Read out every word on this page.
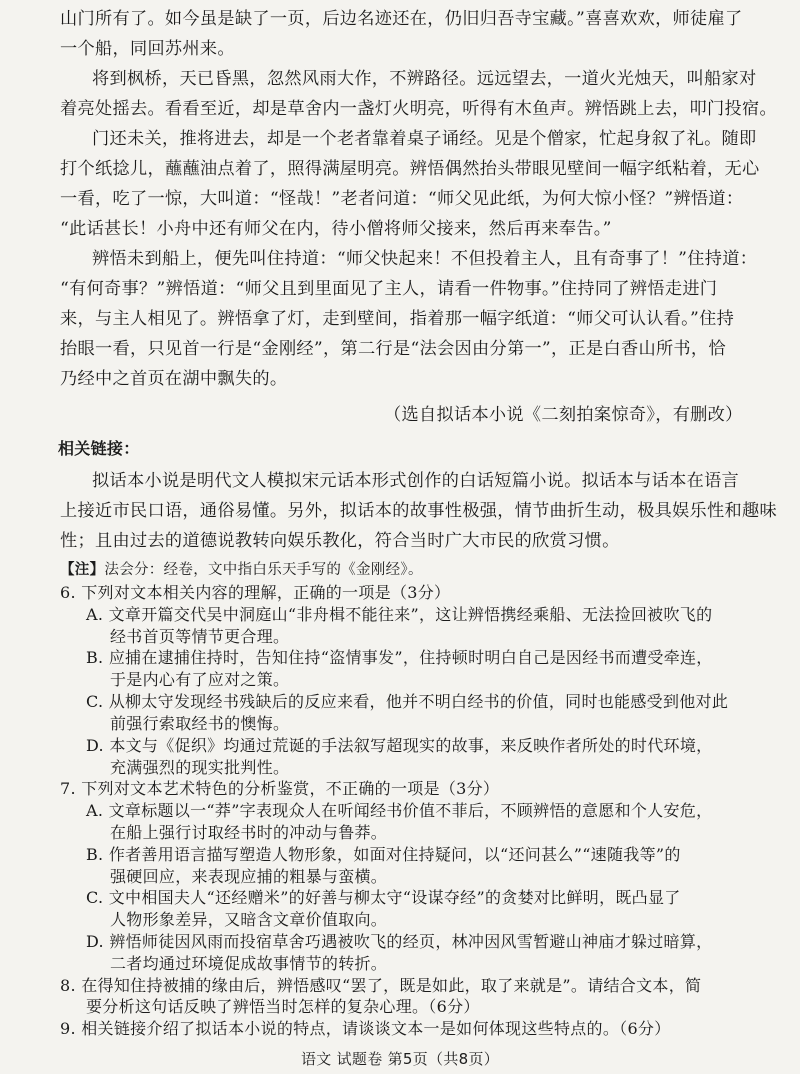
山门所有了。如今虽是缺了一页，后边名迹还在，仍旧归吾寺宝藏。”喜喜欢欢，师徒雇了
一个船，同回苏州来。
将到枫桥，天已昏黑，忽然风雨大作，不辨路径。远远望去，一道火光烛天，叫船家对
着亮处摇去。看看至近，却是草舍内一盏灯火明亮，听得有木鱼声。辨悟跳上去，叩门投宿。
门还未关，推将进去，却是一个老者靠着桌子诵经。见是个僧家，忙起身叙了礼。随即
打个纸捻儿，蘸蘸油点着了，照得满屋明亮。辨悟偶然抬头带眼见壁间一幅字纸粘着，无心
一看，吃了一惊，大叫道：“怪哉！”老者问道：“师父见此纸，为何大惊小怪？”辨悟道：
“此话甚长！小舟中还有师父在内，待小僧将师父接来，然后再来奉告。”
辨悟未到船上，便先叫住持道：“师父快起来！不但投着主人，且有奇事了！”住持道：
“有何奇事？”辨悟道：“师父且到里面见了主人，请看一件物事。”住持同了辨悟走进门
来，与主人相见了。辨悟拿了灯，走到壁间，指着那一幅字纸道：“师父可认认看。”住持
抬眼一看，只见首一行是“金刚经”，第二行是“法会因由分第一”，正是白香山所书，恰
乃经中之首页在湖中飘失的。
（选自拟话本小说《二刻拍案惊奇》，有删改）
相关链接：
拟话本小说是明代文人模拟宋元话本形式创作的白话短篇小说。拟话本与话本在语言
上接近市民口语，通俗易懂。另外，拟话本的故事性极强，情节曲折生动，极具娱乐性和趣味
性；且由过去的道德说教转向娱乐教化，符合当时广大市民的欣赏习惯。
【注】法会分：经卷，文中指白乐天手写的《金刚经》。
6. 下列对文本相关内容的理解，正确的一项是（3分）
A. 文章开篇交代吴中洞庭山“非舟楫不能往来”，这让辨悟携经乘船、无法捡回被吹飞的
经书首页等情节更合理。
B. 应捕在逮捕住持时，告知住持“盗情事发”，住持顿时明白自己是因经书而遭受牵连，
于是内心有了应对之策。
C. 从柳太守发现经书残缺后的反应来看，他并不明白经书的价值，同时也能感受到他对此
前强行索取经书的懊悔。
D. 本文与《促织》均通过荒诞的手法叙写超现实的故事，来反映作者所处的时代环境，
充满强烈的现实批判性。
7. 下列对文本艺术特色的分析鉴赏，不正确的一项是（3分）
A. 文章标题以一“莽”字表现众人在听闻经书价值不菲后，不顾辨悟的意愿和个人安危，
在船上强行讨取经书时的冲动与鲁莽。
B. 作者善用语言描写塑造人物形象，如面对住持疑问，以“还问甚么”“速随我等”的
强硬回应，来表现应捕的粗暴与蛮横。
C. 文中相国夫人“还经赠米”的好善与柳太守“设谋夺经”的贪婪对比鲜明，既凸显了
人物形象差异，又暗含文章价值取向。
D. 辨悟师徒因风雨而投宿草舍巧遇被吹飞的经页，林冲因风雪暂避山神庙才躲过暗算，
二者均通过环境促成故事情节的转折。
8. 在得知住持被捕的缘由后，辨悟感叹“罢了，既是如此，取了来就是”。请结合文本，简
要分析这句话反映了辨悟当时怎样的复杂心理。（6分）
9. 相关链接介绍了拟话本小说的特点，请谈谈文本一是如何体现这些特点的。（6分）
语文 试题卷 第5页（共8页）
